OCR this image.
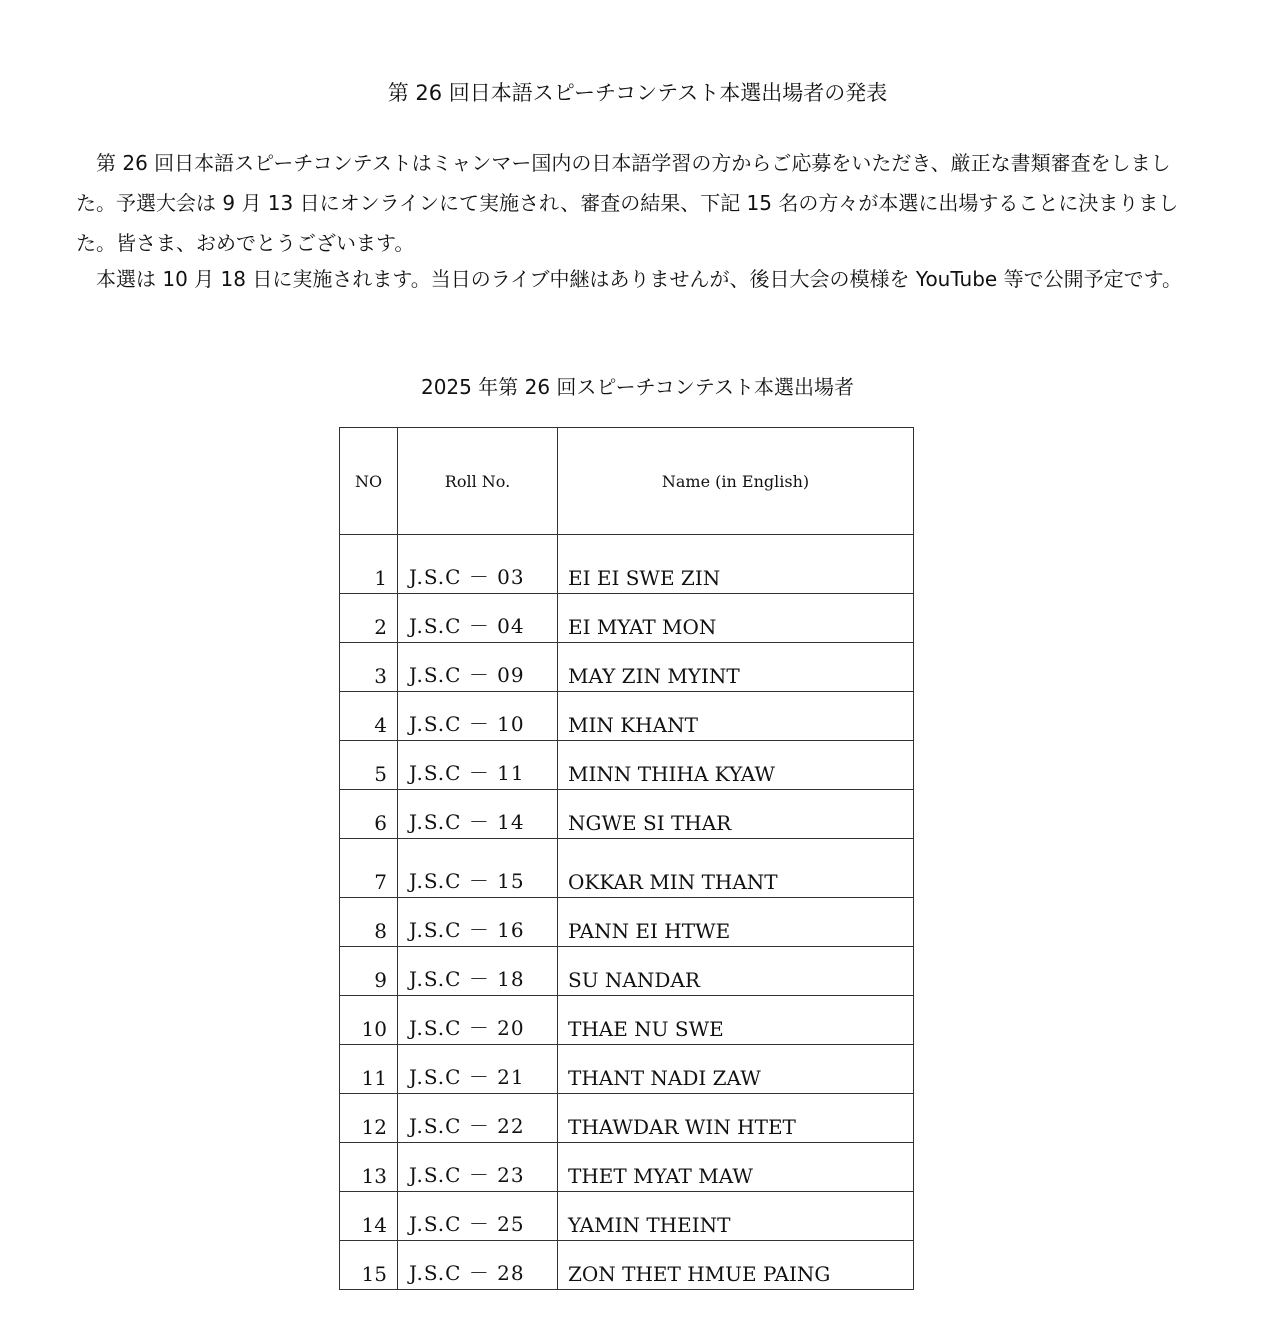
第 26 回日本語スピーチコンテスト本選出場者の発表

　第 26 回日本語スピーチコンテストはミャンマー国内の日本語学習の方からご応募をいただき、厳正な書類審査をしました。予選大会は 9 月 13 日にオンラインにて実施され、審査の結果、下記 15 名の方々が本選に出場することに決まりました。皆さま、おめでとうございます。

　本選は 10 月 18 日に実施されます。当日のライブ中継はありませんが、後日大会の模様を YouTube 等で公開予定です。

2025 年第 26 回スピーチコンテスト本選出場者
NO	Roll No.	Name (in English)
1	J.S.C － 03	EI EI SWE ZIN
2	J.S.C － 04	EI MYAT MON
3	J.S.C － 09	MAY ZIN MYINT
4	J.S.C － 10	MIN KHANT
5	J.S.C － 11	MINN THIHA KYAW
6	J.S.C － 14	NGWE SI THAR
7	J.S.C － 15	OKKAR MIN THANT
8	J.S.C － 16	PANN EI HTWE
9	J.S.C － 18	SU NANDAR
10	J.S.C － 20	THAE NU SWE
11	J.S.C － 21	THANT NADI ZAW
12	J.S.C － 22	THAWDAR WIN HTET
13	J.S.C － 23	THET MYAT MAW
14	J.S.C － 25	YAMIN THEINT
15	J.S.C － 28	ZON THET HMUE PAING
